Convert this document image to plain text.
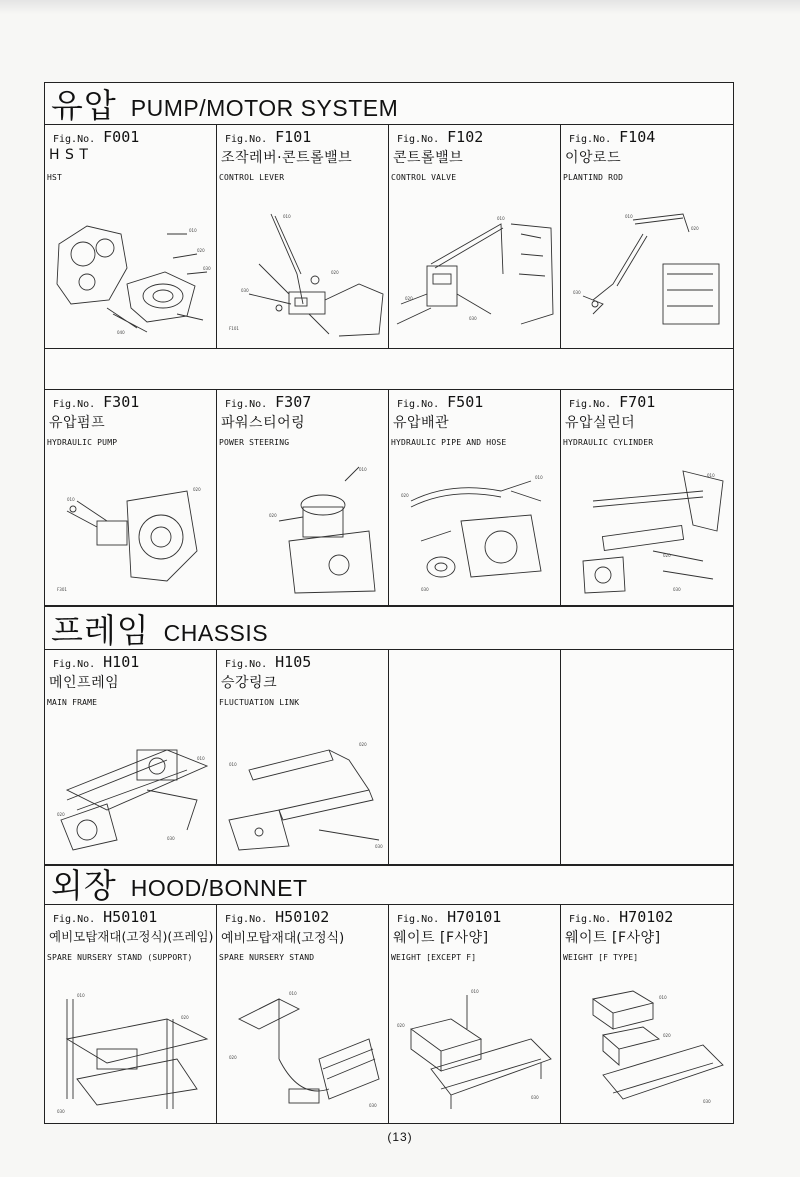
유압 PUMP/MOTOR SYSTEM
Fig.No. F001
H S T
HST
010
020
030
040
Fig.No. F101
조작레버·콘트롤밸브
CONTROL LEVER
010
020
030
F101
Fig.No. F102
콘트롤밸브
CONTROL VALVE
010
020
030
Fig.No. F104
이앙로드
PLANTIND ROD
010
020
030
Fig.No. F301
유압펌프
HYDRAULIC PUMP
010
020
F301
Fig.No. F307
파워스티어링
POWER STEERING
010
020
Fig.No. F501
유압배관
HYDRAULIC PIPE AND HOSE
010
020
030
Fig.No. F701
유압실린더
HYDRAULIC CYLINDER
010
020
030
프레임 CHASSIS
Fig.No. H101
메인프레임
MAIN FRAME
010
020
030
Fig.No. H105
승강링크
FLUCTUATION LINK
010
020
030
외장 HOOD/BONNET
Fig.No. H50101
예비모탑재대(고정식)(프레임)
SPARE NURSERY STAND (SUPPORT)
010
020
030
Fig.No. H50102
예비모탑재대(고정식)
SPARE NURSERY STAND
010
020
030
Fig.No. H70101
웨이트 [F사양]
WEIGHT [EXCEPT F]
010
020
030
Fig.No. H70102
웨이트 [F사양]
WEIGHT [F TYPE]
010
020
030
(13)
